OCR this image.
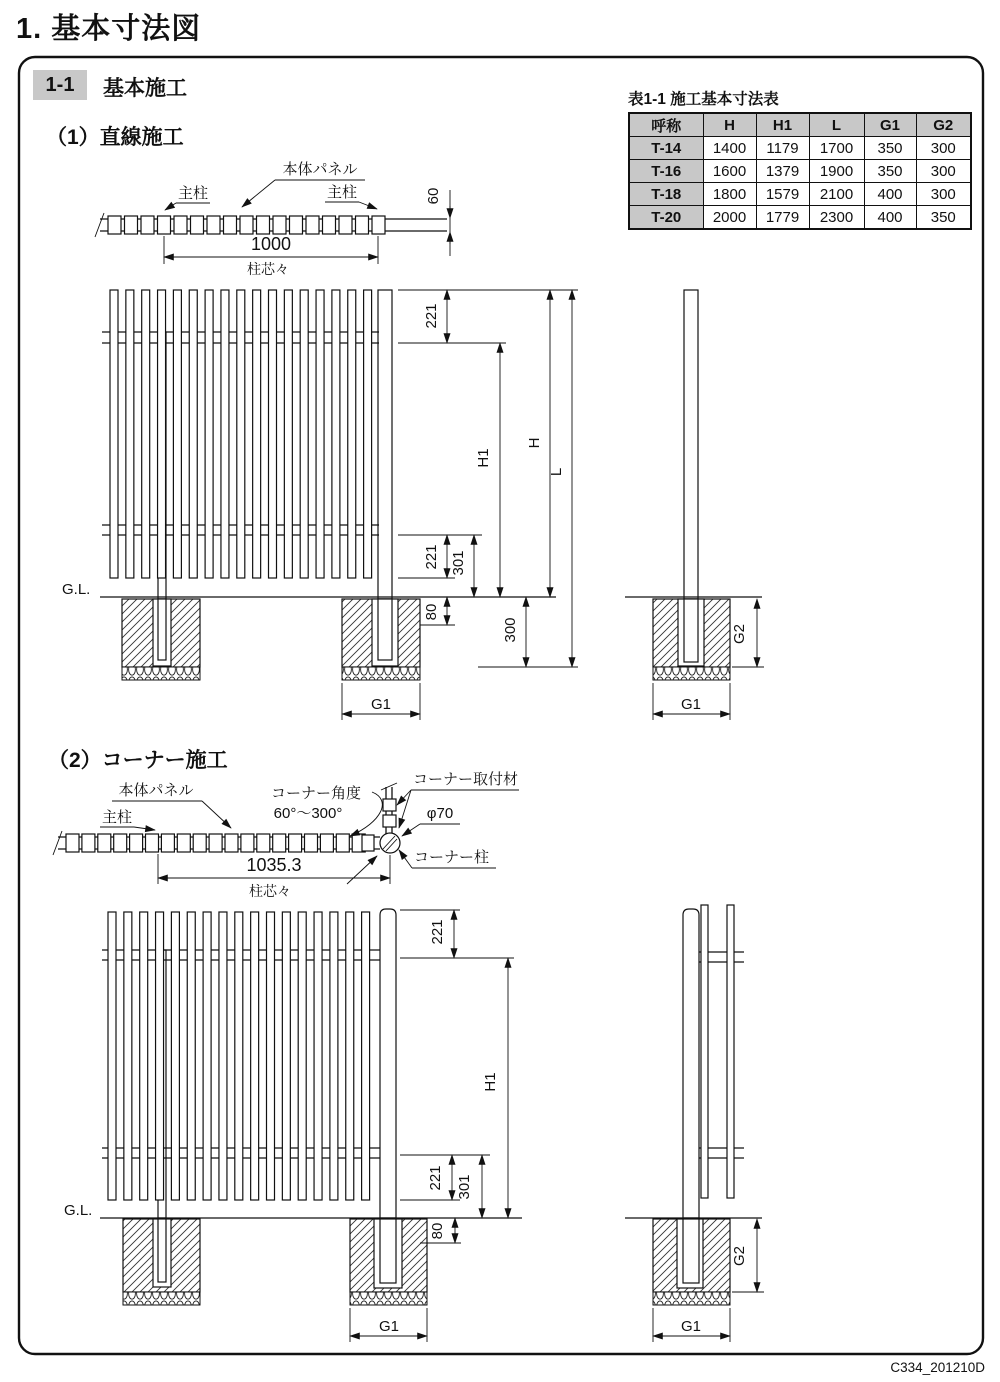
60
1000
柱芯々
主柱
本体パネル
主柱
G.L.
221
H1
H
L
221 301
80
300
G1
G2
G1
1035.3
柱芯々
本体パネル
主柱
コーナー角度
60°～300°
コーナー取付材
φ70
コーナー柱
G.L.
221
H1
221 301
80
G1
G2
G1
1. 基本寸法図
1-1	基本施工
（1）直線施工
（2）コーナー施工
表1-1 施工基本寸法表
呼称	H	H1	L	G1	G2
T-14	1400	1179	1700	350	300
T-16	1600	1379	1900	350	300
T-18	1800	1579	2100	400	300
T-20	2000	1779	2300	400	350
C334_201210D
